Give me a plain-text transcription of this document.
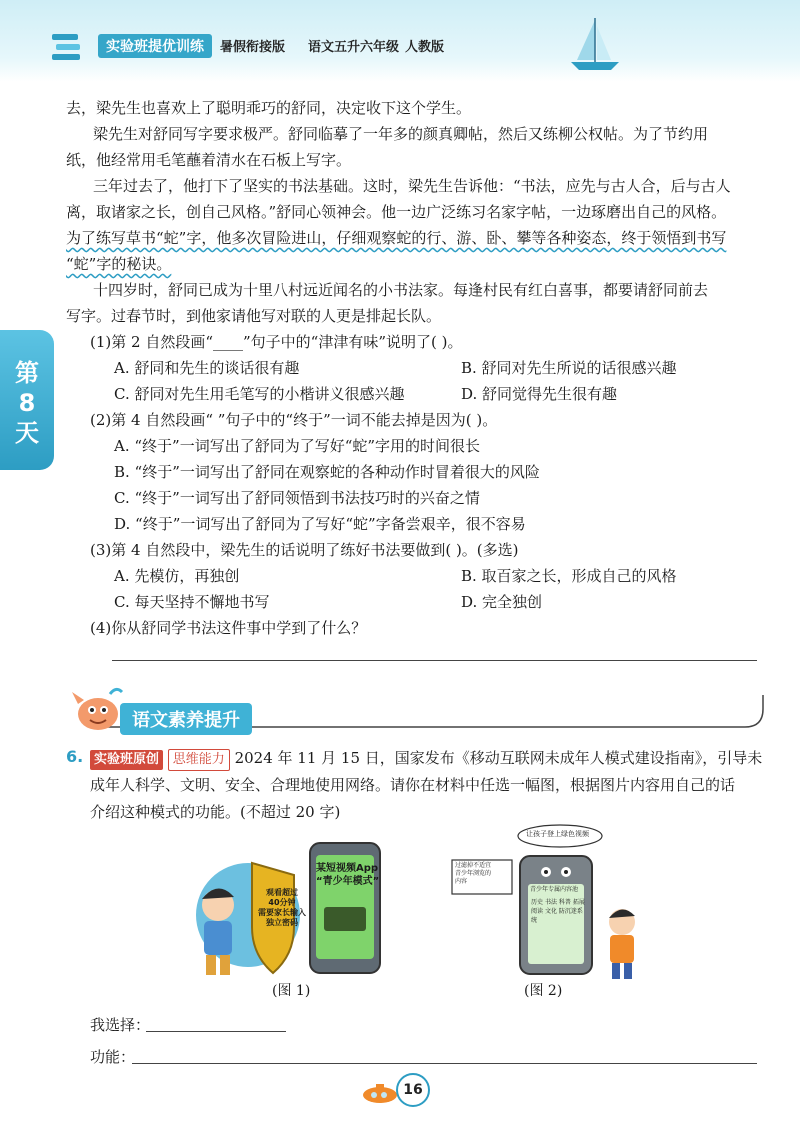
实验班提优训练	暑假衔接版 语文五升六年级 人教版
第8天
去，梁先生也喜欢上了聪明乖巧的舒同，决定收下这个学生。
梁先生对舒同写字要求极严。舒同临摹了一年多的颜真卿帖，然后又练柳公权帖。为了节约用
纸，他经常用毛笔蘸着清水在石板上写字。
三年过去了，他打下了坚实的书法基础。这时，梁先生告诉他：“书法，应先与古人合，后与古人
离，取诸家之长，创自己风格。”舒同心领神会。他一边广泛练习名家字帖，一边琢磨出自己的风格。
为了练写草书“蛇”字，他多次冒险进山，仔细观察蛇的行、游、卧、攀等各种姿态，终于领悟到书写
“蛇”字的秘诀。
十四岁时，舒同已成为十里八村远近闻名的小书法家。每逢村民有红白喜事，都要请舒同前去
写字。过春节时，到他家请他写对联的人更是排起长队。
(1)第 2 自然段画“____”句子中的“津津有味”说明了( )。
A. 舒同和先生的谈话很有趣	B. 舒同对先生所说的话很感兴趣
C. 舒同对先生用毛笔写的小楷讲义很感兴趣	D. 舒同觉得先生很有趣
(2)第 4 自然段画“ ”句子中的“终于”一词不能去掉是因为( )。
A. “终于”一词写出了舒同为了写好“蛇”字用的时间很长
B. “终于”一词写出了舒同在观察蛇的各种动作时冒着很大的风险
C. “终于”一词写出了舒同领悟到书法技巧时的兴奋之情
D. “终于”一词写出了舒同为了写好“蛇”字备尝艰辛，很不容易
(3)第 4 自然段中，梁先生的话说明了练好书法要做到( )。(多选)
A. 先模仿，再独创	B. 取百家之长，形成自己的风格
C. 每天坚持不懈地书写	D. 完全独创
(4)你从舒同学书法这件事中学到了什么？
语文素养提升
6. 实验班原创 思维能力 2024 年 11 月 15 日，国家发布《移动互联网未成年人模式建设指南》，引导未
成年人科学、文明、安全、合理地使用网络。请你在材料中任选一幅图，根据图片内容用自己的话
介绍这种模式的功能。(不超过 20 字)
观看超过
40分钟
需要家长输入
独立密码
某短视频App
“青少年模式”
(图 1)
让孩子登上绿色视频
过滤掉不适宜
青少年浏览的
内容
青少年专属内容池
历史 书法 科普 拓展 阅读 文化 防沉迷系统
(图 2)
我选择：
功能：
16
